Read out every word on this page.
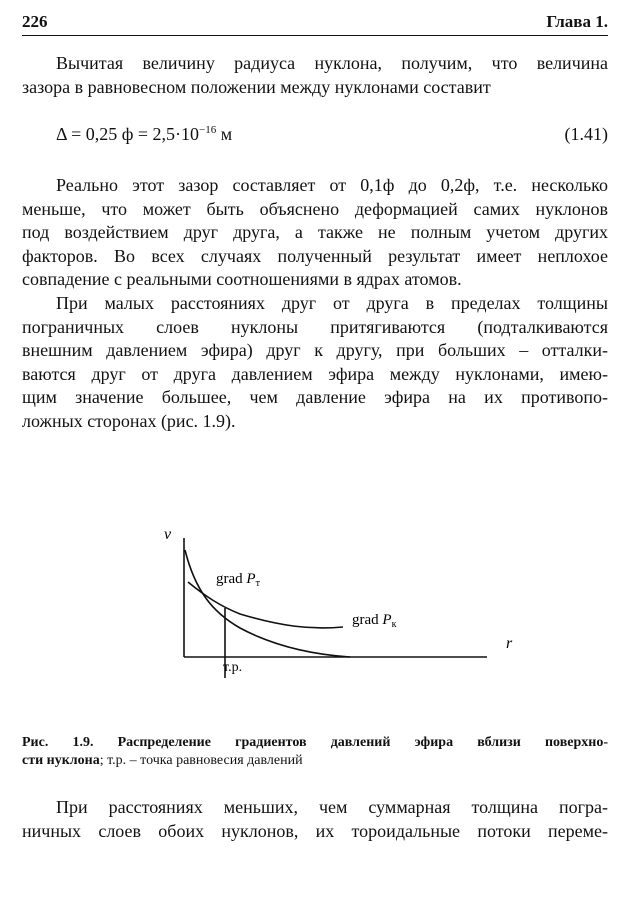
226	Глава 1.
Вычитая величину радиуса нуклона, получим, что величина
зазора в равновесном положении между нуклонами составит
Δ = 0,25 $ф = 2,5\cdot 10^{-16}$ м	(1.41)
Реально этот зазор составляет от 0,1ф до 0,2ф, т.е. несколько
меньше, что может быть объяснено деформацией самих нуклонов
под воздействием друг друга, а также не полным учетом других
факторов. Во всех случаях полученный результат имеет неплохое
совпадение с реальными соотношениями в ядрах атомов.
При малых расстояниях друг от друга в пределах толщины
пограничных слоев нуклоны притягиваются (подталкиваются
внешним давлением эфира) друг к другу, при больших – отталки-
ваются друг от друга давлением эфира между нуклонами, имею-
щим значение большее, чем давление эфира на их противопо-
ложных сторонах (рис. 1.9).
v
r
grad $P_т$
grad $P_к$
т.р.
Рис. 1.9. Распределение градиентов давлений эфира вблизи поверхно-
сти нуклона; т.р. – точка равновесия давлений
При расстояниях меньших, чем суммарная толщина погра-
ничных слоев обоих нуклонов, их тороидальные потоки переме-
